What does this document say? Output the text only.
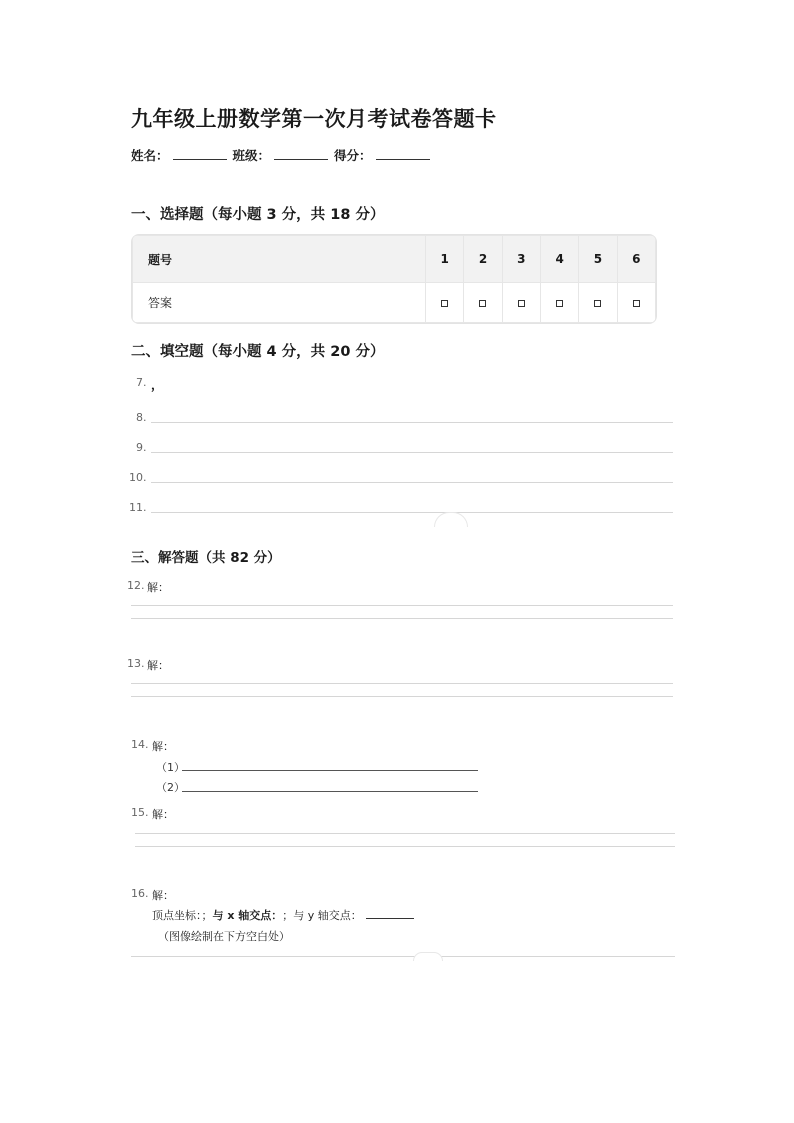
九年级上册数学第一次月考试卷答题卡
姓名：	班级：	得分：
一、选择题（每小题 3 分，共 18 分）
题号	1	2	3	4	5	6
答案						
二、填空题（每小题 4 分，共 20 分）
7. ，
8.
9.
10.
11.
三、解答题（共 82 分）
12. 解：
13. 解：
14. 解：
（1）
（2）
15. 解：
16. 解：
顶点坐标：； 与 x 轴交点： ；与 y 轴交点：
（图像绘制在下方空白处）
